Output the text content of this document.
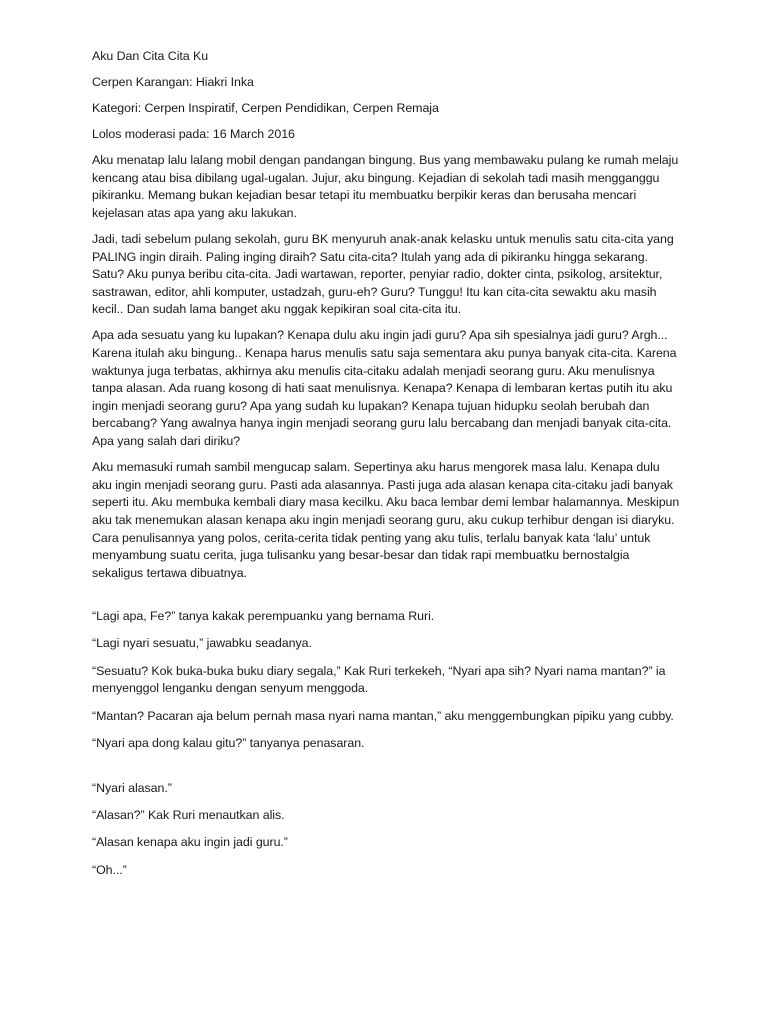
Aku Dan Cita Cita Ku
Cerpen Karangan: Hiakri Inka
Kategori: Cerpen Inspiratif, Cerpen Pendidikan, Cerpen Remaja
Lolos moderasi pada: 16 March 2016

Aku menatap lalu lalang mobil dengan pandangan bingung. Bus yang membawaku pulang ke rumah melaju kencang atau bisa dibilang ugal-ugalan. Jujur, aku bingung. Kejadian di sekolah tadi masih mengganggu pikiranku. Memang bukan kejadian besar tetapi itu membuatku berpikir keras dan berusaha mencari kejelasan atas apa yang aku lakukan.

Jadi, tadi sebelum pulang sekolah, guru BK menyuruh anak-anak kelasku untuk menulis satu cita-cita yang PALING ingin diraih. Paling inging diraih? Satu cita-cita? Itulah yang ada di pikiranku hingga sekarang. Satu? Aku punya beribu cita-cita. Jadi wartawan, reporter, penyiar radio, dokter cinta, psikolog, arsitektur, sastrawan, editor, ahli komputer, ustadzah, guru-eh? Guru? Tunggu! Itu kan cita-cita sewaktu aku masih kecil.. Dan sudah lama banget aku nggak kepikiran soal cita-cita itu.

Apa ada sesuatu yang ku lupakan? Kenapa dulu aku ingin jadi guru? Apa sih spesialnya jadi guru? Argh... Karena itulah aku bingung.. Kenapa harus menulis satu saja sementara aku punya banyak cita-cita. Karena waktunya juga terbatas, akhirnya aku menulis cita-citaku adalah menjadi seorang guru. Aku menulisnya tanpa alasan. Ada ruang kosong di hati saat menulisnya. Kenapa? Kenapa di lembaran kertas putih itu aku ingin menjadi seorang guru? Apa yang sudah ku lupakan? Kenapa tujuan hidupku seolah berubah dan bercabang? Yang awalnya hanya ingin menjadi seorang guru lalu bercabang dan menjadi banyak cita-cita. Apa yang salah dari diriku?

Aku memasuki rumah sambil mengucap salam. Sepertinya aku harus mengorek masa lalu. Kenapa dulu aku ingin menjadi seorang guru. Pasti ada alasannya. Pasti juga ada alasan kenapa cita-citaku jadi banyak seperti itu. Aku membuka kembali diary masa kecilku. Aku baca lembar demi lembar halamannya. Meskipun aku tak menemukan alasan kenapa aku ingin menjadi seorang guru, aku cukup terhibur dengan isi diaryku. Cara penulisannya yang polos, cerita-cerita tidak penting yang aku tulis, terlalu banyak kata ‘lalu’ untuk menyambung suatu cerita, juga tulisanku yang besar-besar dan tidak rapi membuatku bernostalgia sekaligus tertawa dibuatnya.

“Lagi apa, Fe?” tanya kakak perempuanku yang bernama Ruri.

“Lagi nyari sesuatu,” jawabku seadanya.

“Sesuatu? Kok buka-buka buku diary segala,” Kak Ruri terkekeh, “Nyari apa sih? Nyari nama mantan?” ia menyenggol lenganku dengan senyum menggoda.

“Mantan? Pacaran aja belum pernah masa nyari nama mantan,” aku menggembungkan pipiku yang cubby.

“Nyari apa dong kalau gitu?” tanyanya penasaran.

“Nyari alasan.”

“Alasan?” Kak Ruri menautkan alis.

“Alasan kenapa aku ingin jadi guru.”

“Oh...”
